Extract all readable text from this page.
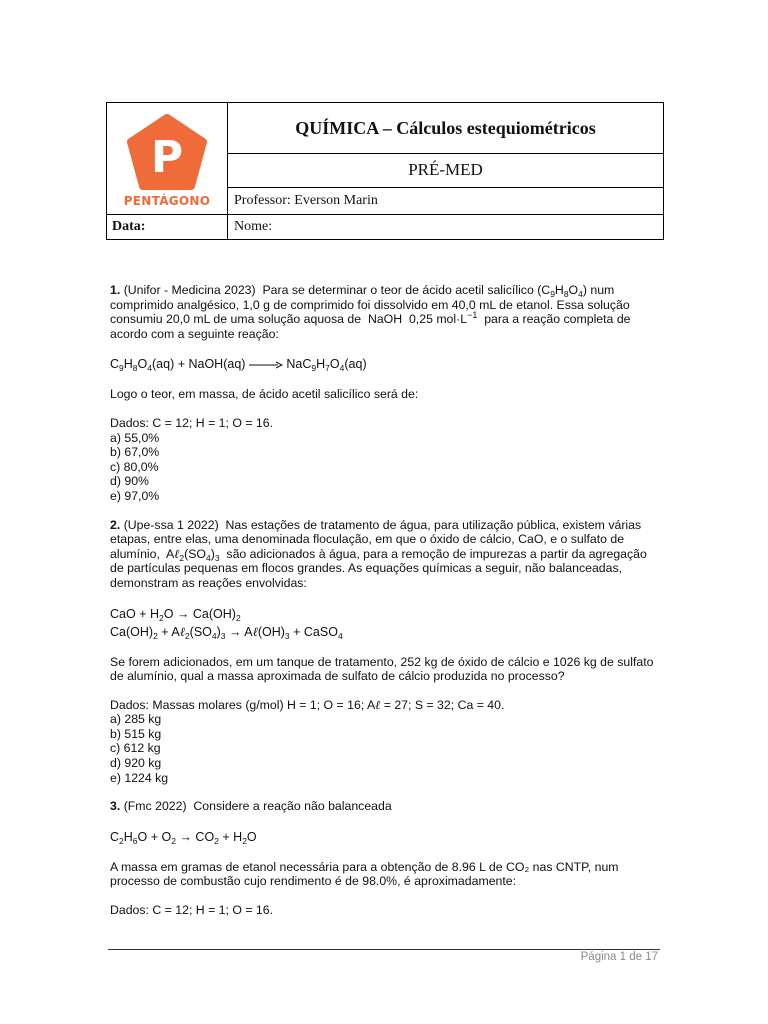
P
PENTÁGONO	QUÍMICA – Cálculos estequiométricos
	PRÉ-MED
	Professor: Everson Marin
Data:	Nome:

1. (Unifor - Medicina 2023) Para se determinar o teor de ácido acetil salicílico $(C_9H_8O_4)$ num comprimido analgésico, 1,0 g de comprimido foi dissolvido em 40,0 mL de etanol. Essa solução consumiu 20,0 mL de uma solução aquosa de NaOH 0,25 $mol\cdot L^{-1}$ para a reação completa de acordo com a seguinte reação:

$C_9H_8O_4(aq)$ + NaOH(aq) → $NaC_9H_7O_4(aq)$

Logo o teor, em massa, de ácido acetil salicílico será de:

Dados: C = 12; H = 1; O = 16.

a) 55,0%

b) 67,0%

c) 80,0%

d) 90%

e) 97,0%

2. (Upe-ssa 1 2022) Nas estações de tratamento de água, para utilização pública, existem várias etapas, entre elas, uma denominada floculação, em que o óxido de cálcio, CaO, e o sulfato de alumínio,  $A\ell_2(SO_4)_3$ são adicionados à água, para a remoção de impurezas a partir da agregação de partículas pequenas em flocos grandes. As equações químicas a seguir, não balanceadas, demonstram as reações envolvidas:

CaO + $H_2O \to Ca(OH)_2$

$Ca(OH)_2$ + $A\ell_2(SO_4)_3$ → $A\ell(OH)_3$ + CaSO$_4$

Se forem adicionados, em um tanque de tratamento, 252 kg de óxido de cálcio e 1026 kg de sulfato de alumínio, qual a massa aproximada de sulfato de cálcio produzida no processo?

Dados: Massas molares (g/mol) H = 1; O = 16; Aℓ = 27; S = 32; Ca = 40.

a) 285 kg

b) 515 kg

c) 612 kg

d) 920 kg

e) 1224 kg

3. (Fmc 2022) Considere a reação não balanceada

$C_2H_6O + O_2 \to CO_2 + H_2O$

A massa em gramas de etanol necessária para a obtenção de 8.96 L de CO₂ nas CNTP, num processo de combustão cujo rendimento é de 98.0%, é aproximadamente:

Dados: C = 12; H = 1; O = 16.

Página 1 de 17
